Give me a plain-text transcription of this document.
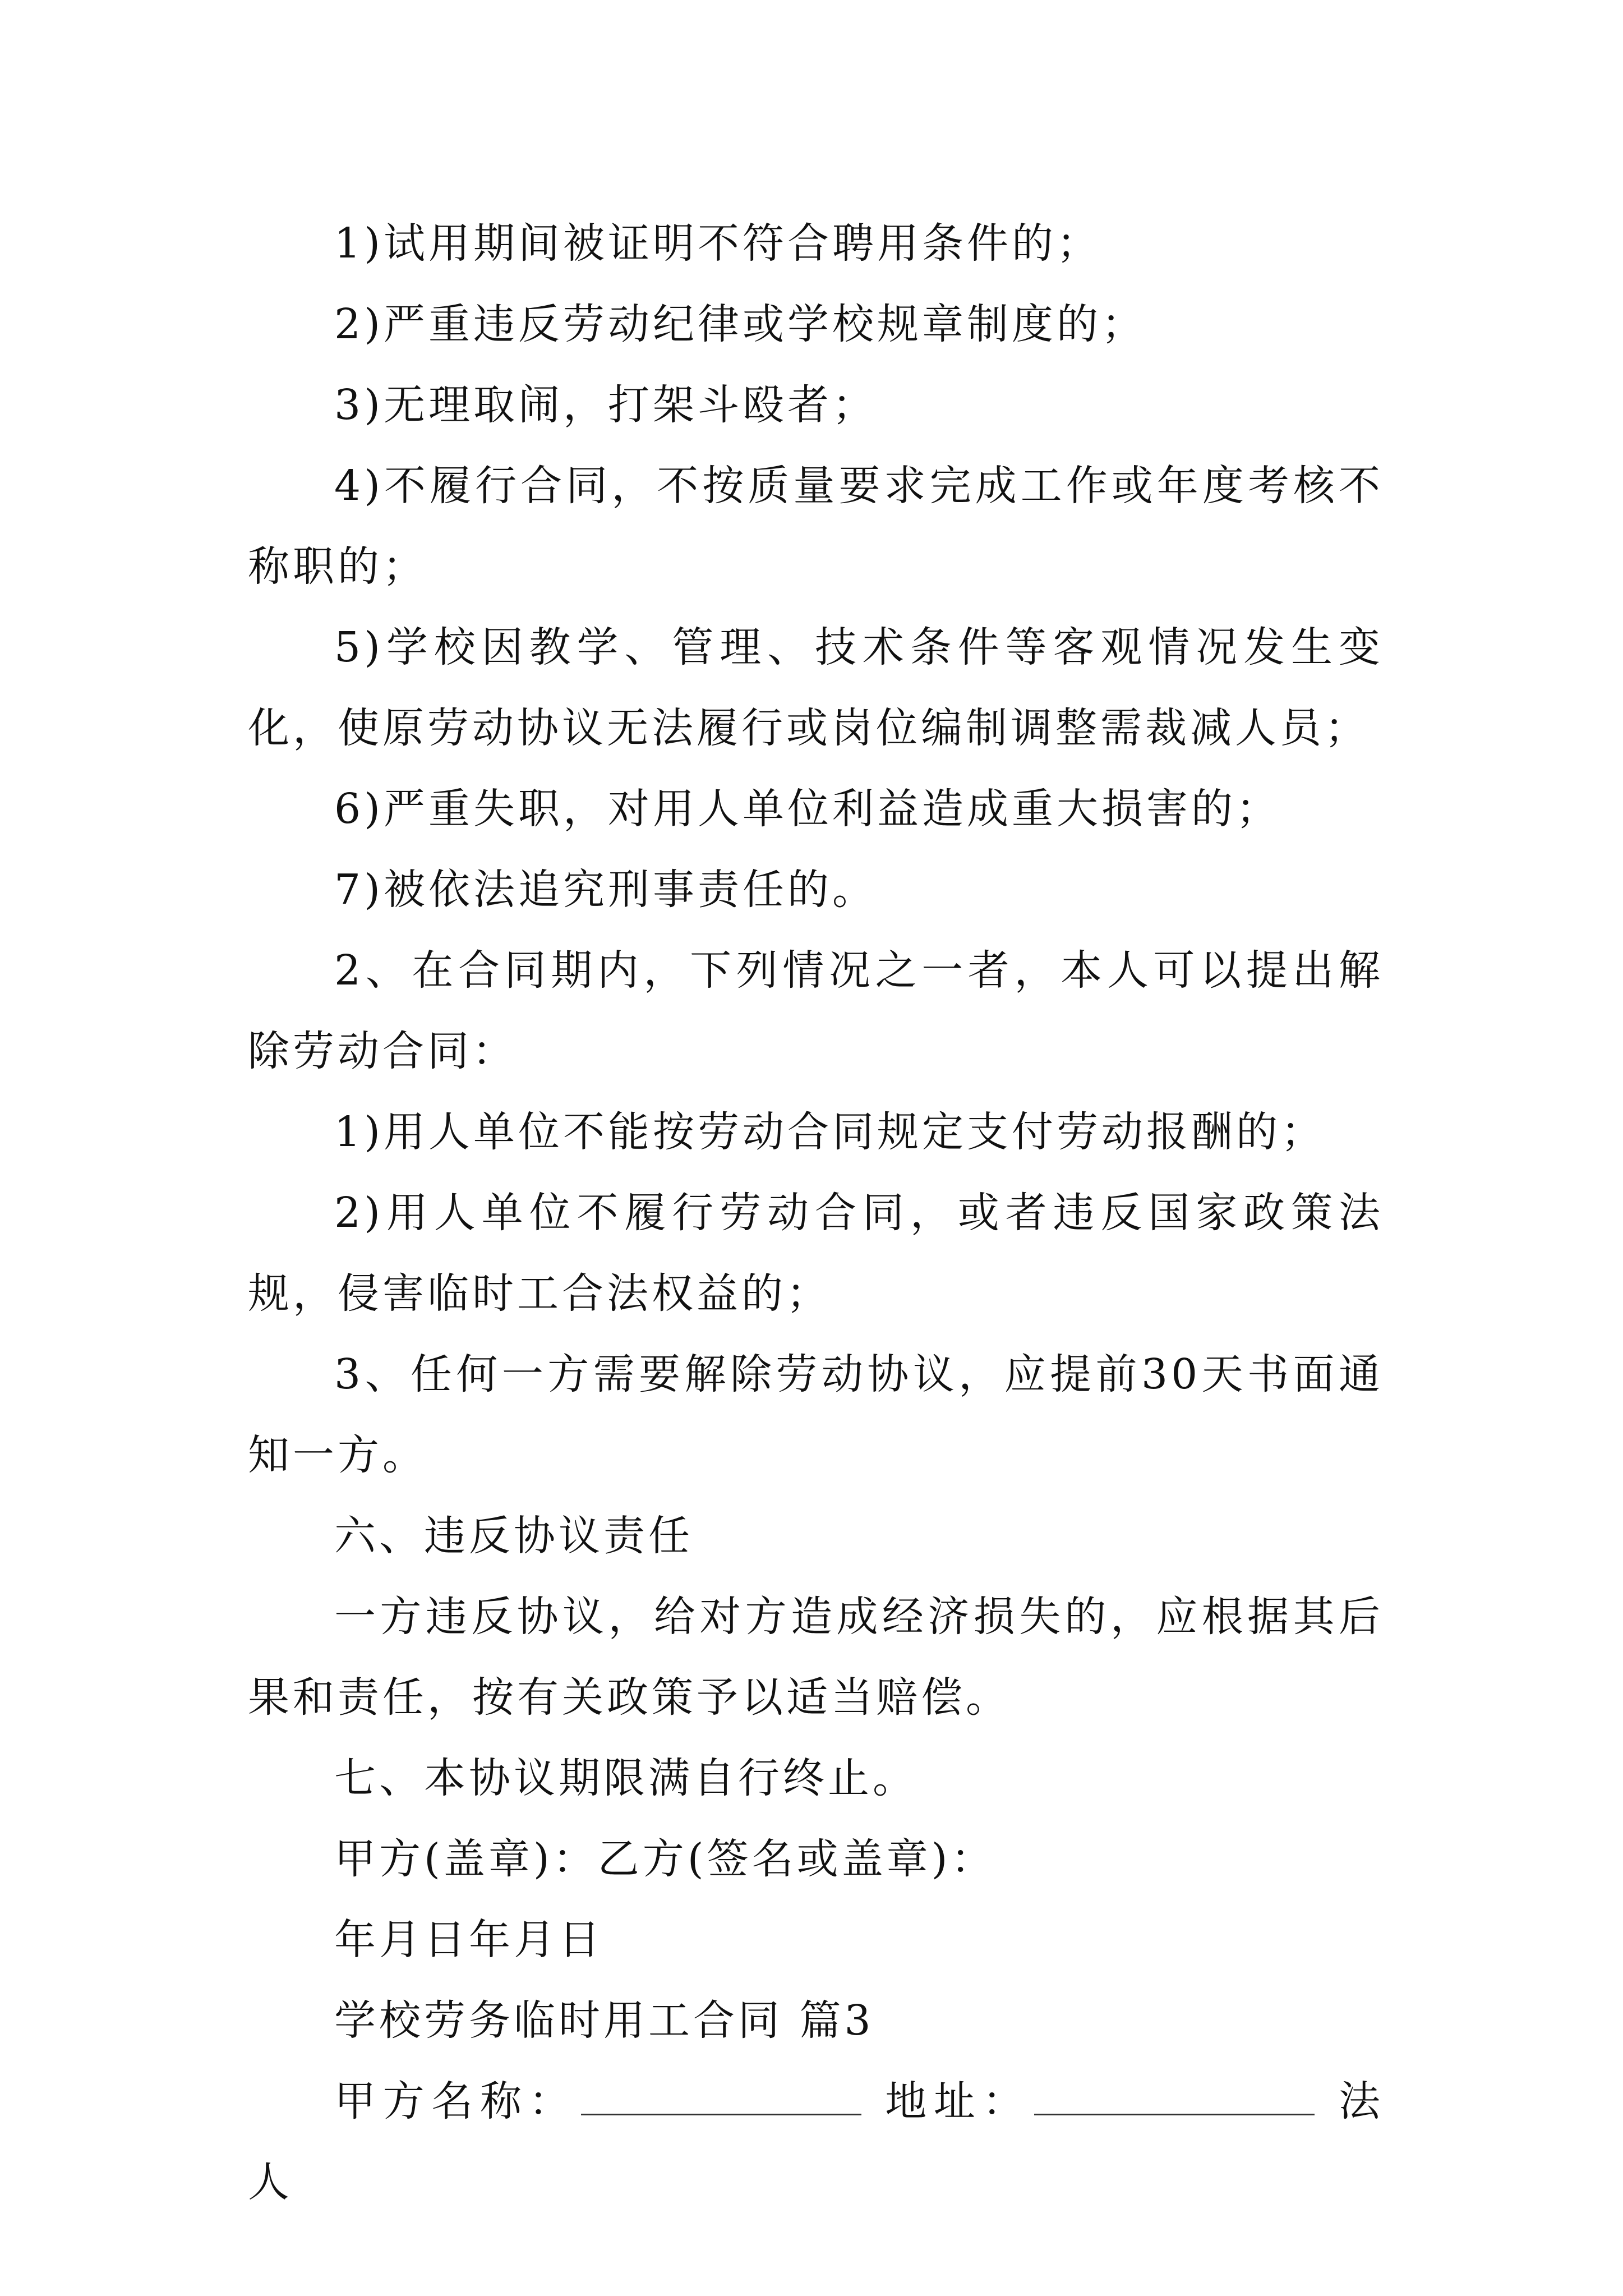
1)试用期间被证明不符合聘用条件的；

2)严重违反劳动纪律或学校规章制度的；

3)无理取闹，打架斗殴者；

4)不履行合同，不按质量要求完成工作或年度考核不称职的；

5)学校因教学、管理、技术条件等客观情况发生变化，使原劳动协议无法履行或岗位编制调整需裁减人员；

6)严重失职，对用人单位利益造成重大损害的；

7)被依法追究刑事责任的。

2、在合同期内，下列情况之一者，本人可以提出解除劳动合同：

1)用人单位不能按劳动合同规定支付劳动报酬的；

2)用人单位不履行劳动合同，或者违反国家政策法规，侵害临时工合法权益的；

3、任何一方需要解除劳动协议，应提前30天书面通知一方。

六、违反协议责任

一方违反协议，给对方造成经济损失的，应根据其后果和责任，按有关政策予以适当赔偿。

七、本协议期限满自行终止。

甲方(盖章)：乙方(签名或盖章)：

年月日年月日

学校劳务临时用工合同 篇3

甲方名称：	地址：	法人
